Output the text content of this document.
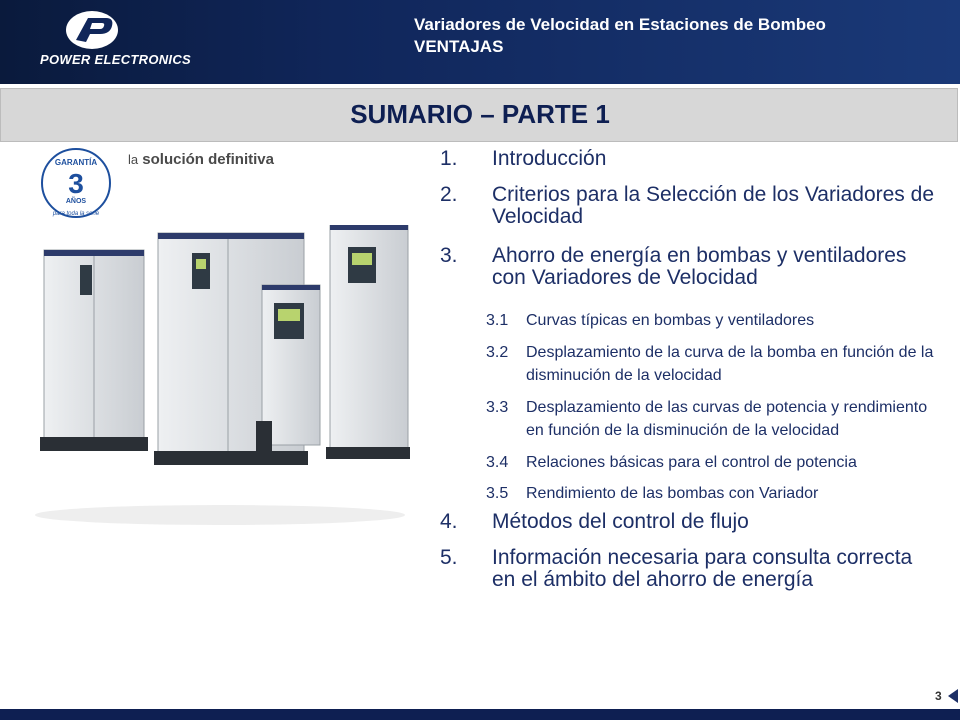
POWER ELECTRONICS
Variadores de Velocidad en Estaciones de Bombeo
VENTAJAS
SUMARIO – PARTE 1
GARANTÍA
3
AÑOS
para toda la serie
la solución definitiva	1. Introducción
2. Criterios para la Selección de los Variadores de Velocidad
3. Ahorro de energía en bombas y ventiladores con Variadores de Velocidad
3.1 Curvas típicas en bombas y ventiladores
3.2 Desplazamiento de la curva de la bomba en función de la disminución de la velocidad
3.3 Desplazamiento de las curvas de potencia y rendimiento en función de la disminución de la velocidad
3.4 Relaciones básicas para el control de potencia
3.5 Rendimiento de las bombas con Variador
4. Métodos del control de flujo
5. Información necesaria para consulta correcta en el ámbito del ahorro de energía
3
